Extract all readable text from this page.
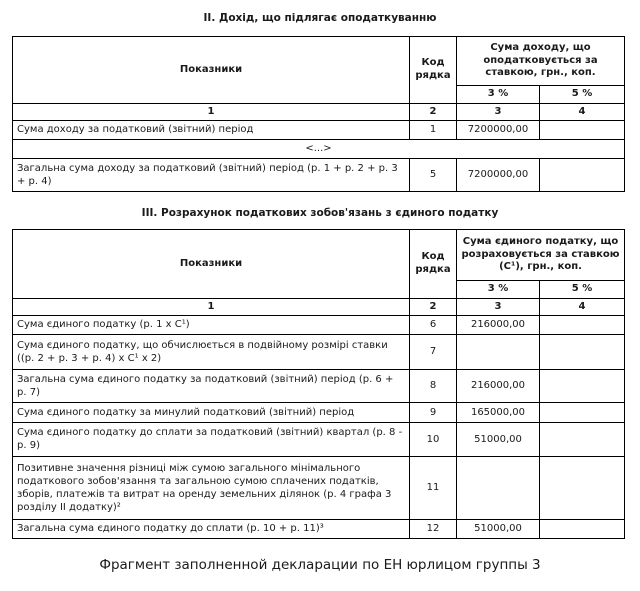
ІІ. Дохід, що підлягає оподаткуванню
Показники	Код рядка	Сума доходу, що оподатковується за ставкою, грн., коп.	
		3 %	5 %
1	2	3	4
Сума доходу за податковий (звітний) період	1	7200000,00	
<...>			
Загальна сума доходу за податковий (звітний) період (р. 1 + р. 2 + р. 3 + р. 4)	5	7200000,00	
ІІІ. Розрахунок податкових зобов'язань з єдиного податку
Показники	Код рядка	Сума єдиного податку, що розраховується за ставкою (С¹), грн., коп.	
		3 %	5 %
1	2	3	4
Сума єдиного податку (р. 1 х С¹)	6	216000,00	
Сума єдиного податку, що обчислюється в подвійному розмірі ставки ((р. 2 + р. 3 + р. 4) х С¹ х 2)	7		
Загальна сума єдиного податку за податковий (звітний) період (р. 6 + р. 7)	8	216000,00	
Сума єдиного податку за минулий податковий (звітний) період	9	165000,00	
Сума єдиного податку до сплати за податковий (звітний) квартал (р. 8 - р. 9)	10	51000,00	
Позитивне значення різниці між сумою загального мінімального податкового зобов'язання та загальною сумою сплачених податків, зборів, платежів та витрат на оренду земельних ділянок (р. 4 графа 3 розділу ІІ додатку)²	11		
Загальна сума єдиного податку до сплати (р. 10 + р. 11)³	12	51000,00	
Фрагмент заполненной декларации по ЕН юрлицом группы 3
